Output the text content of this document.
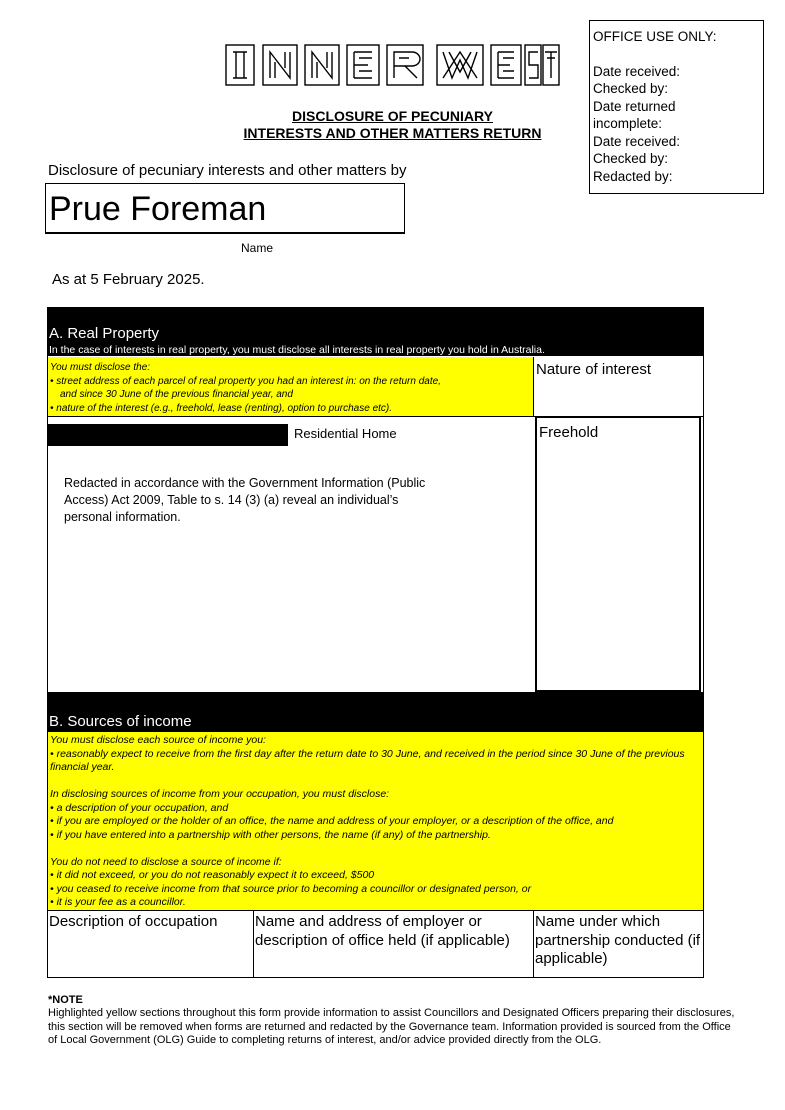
DISCLOSURE OF PECUNIARY
INTERESTS AND OTHER MATTERS RETURN
OFFICE USE ONLY:
Date received:
Checked by:
Date returned
incomplete:
Date received:
Checked by:
Redacted by:
Disclosure of pecuniary interests and other matters by
Prue Foreman
Name
As at 5 February 2025.
A. Real Property
In the case of interests in real property, you must disclose all interests in real property you hold in Australia.
You must disclose the:
• street address of each parcel of real property you had an interest in: on the return date,
and since 30 June of the previous financial year, and
• nature of the interest (e.g., freehold, lease (renting), option to purchase etc).
Nature of interest
Residential Home
Redacted in accordance with the Government Information (Public Access) Act 2009, Table to s. 14 (3) (a) reveal an individual’s personal information.
Freehold
B. Sources of income

You must disclose each source of income you:

• reasonably expect to receive from the first day after the return date to 30 June, and received in the period since 30 June of the previous financial year.

In disclosing sources of income from your occupation, you must disclose:

• a description of your occupation, and

• if you are employed or the holder of an office, the name and address of your employer, or a description of the office, and

• if you have entered into a partnership with other persons, the name (if any) of the partnership.

You do not need to disclose a source of income if:

• it did not exceed, or you do not reasonably expect it to exceed, $500

• you ceased to receive income from that source prior to becoming a councillor or designated person, or

• it is your fee as a councillor.

Description of occupation	Name and address of employer or description of office held (if applicable)
Name under which partnership conducted (if applicable)
*NOTE
Highlighted yellow sections throughout this form provide information to assist Councillors and Designated Officers preparing their disclosures, this section will be removed when forms are returned and redacted by the Governance team. Information provided is sourced from the Office of Local Government (OLG) Guide to completing returns of interest, and/or advice provided directly from the OLG.
